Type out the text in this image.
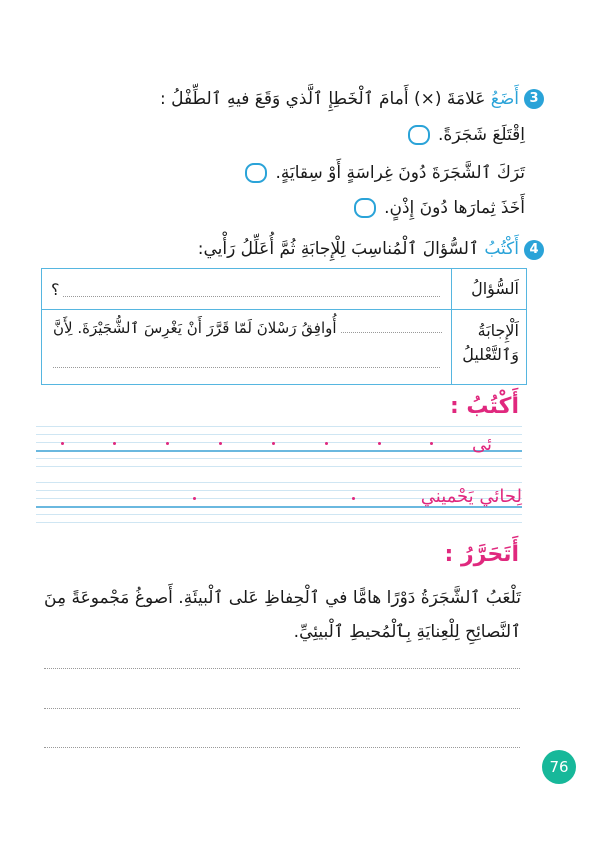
3
أَضَعُ عَلامَةَ (×) أَمامَ ٱلْخَطِإِ ٱلَّذي وَقَعَ فيهِ ٱلطِّفْلُ :
اِقْتَلَعَ شَجَرَةً.
تَرَكَ ٱلشَّجَرَةَ دُونَ غِراسَةٍ أَوْ سِقايَةٍ.
أَخَذَ ثِمارَها دُونَ إِذْنٍ.
4
أَكْتُبُ ٱلسُّؤالَ ٱلْمُناسِبَ لِلْإِجابَةِ ثُمَّ أُعَلِّلُ رَأْيي:
اَلسُّؤالُ	؟

اَلْإِجابَةُ
وَٱلتَّعْليلُ	أُوافِقُ رَسْلانَ لَمّا قَرَّرَ أَنْ يَغْرِسَ ٱلشُّجَيْرَةَ. لِأَنَّ
أَكْتُبُ :
ئى
لِحائي يَحْميني
أَتَحَرَّرُ :
تَلْعَبُ ٱلشَّجَرَةُ دَوْرًا هامًّا في ٱلْحِفاظِ عَلى ٱلْبيئَةِ. أَصوغُ مَجْموعَةً مِنَ ٱلنَّصائِحِ لِلْعِنايَةِ بِٱلْمُحيطِ ٱلْبيئِيِّ.
76
